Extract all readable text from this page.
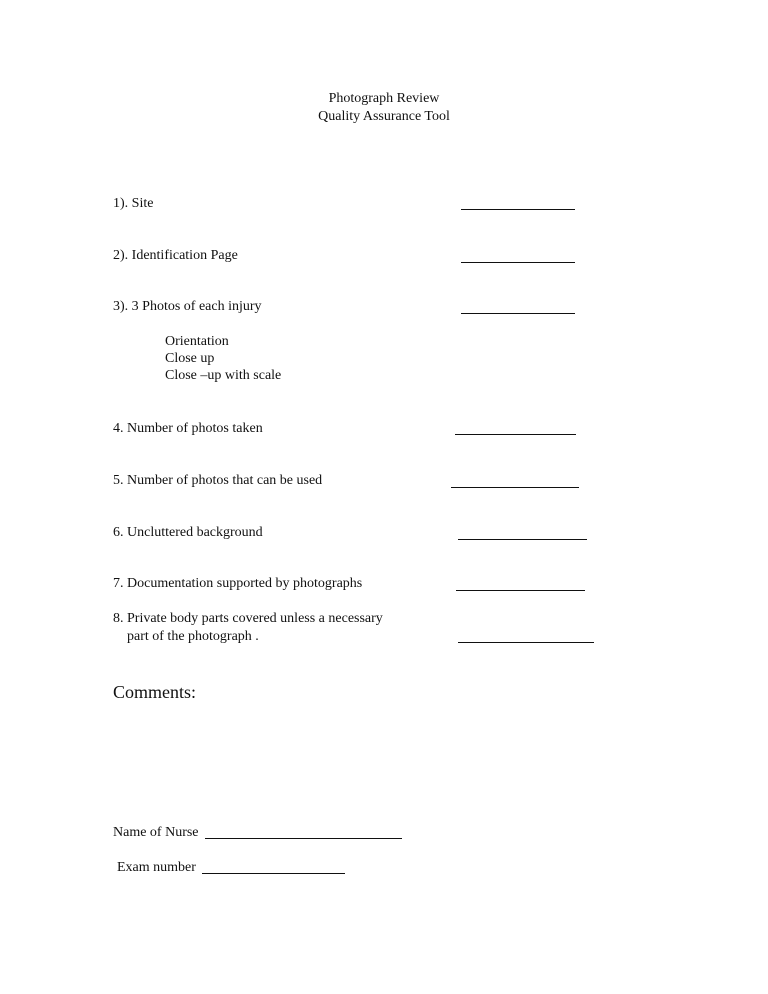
Photograph Review
Quality Assurance Tool
1). Site
2). Identification Page
3). 3 Photos of each injury
Orientation
Close up
Close –up with scale
4. Number of photos taken
5. Number of photos that can be used
6. Uncluttered background
7. Documentation supported by photographs
8. Private body parts covered unless a necessary
part of the photograph .
Comments:
Name of Nurse
Exam number
